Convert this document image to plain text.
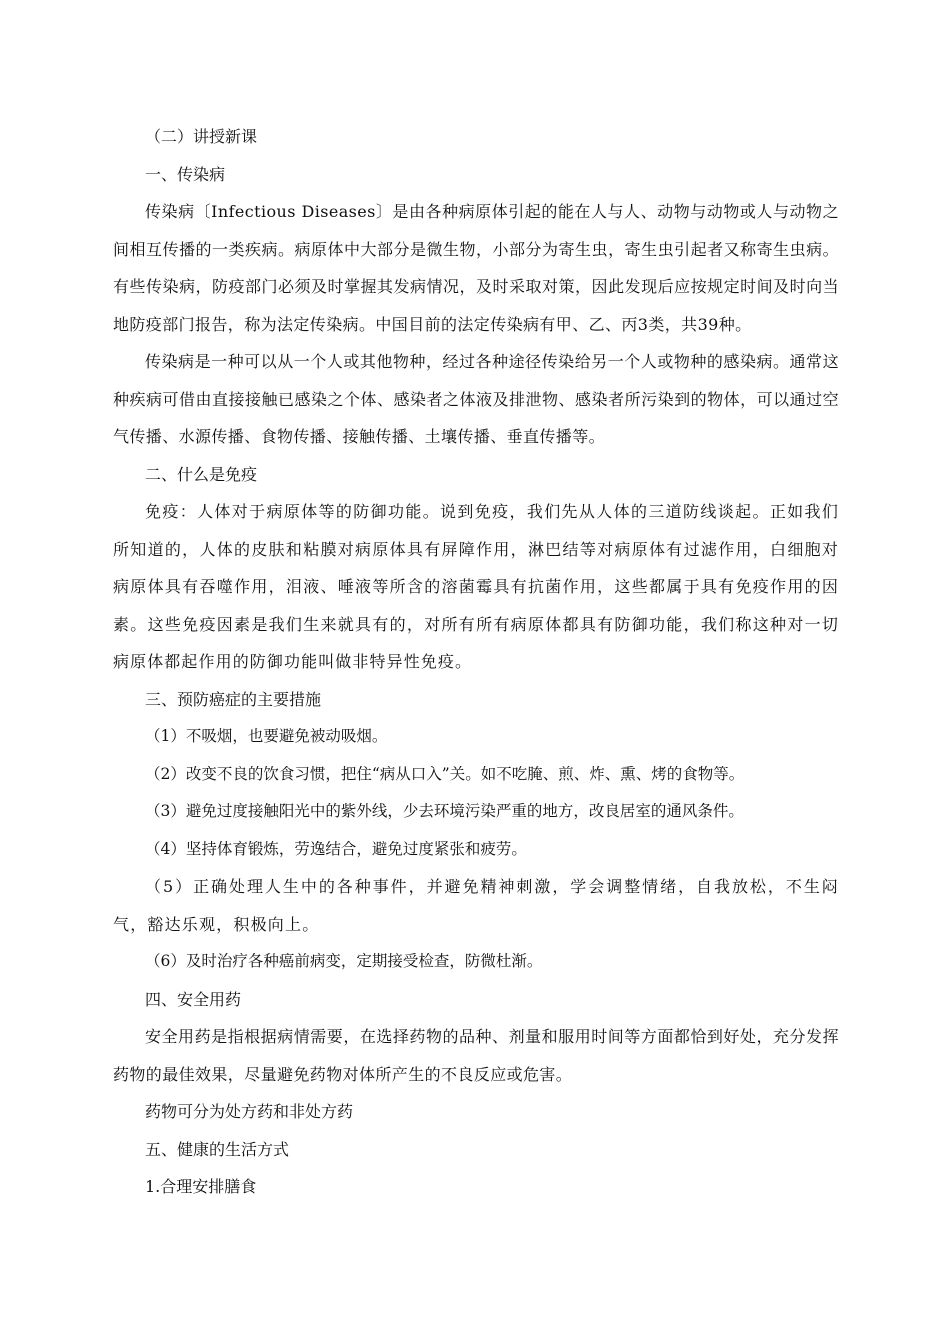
（二）讲授新课

一、传染病

传染病〔Infectious Diseases〕是由各种病原体引起的能在人与人、动物与动物或人与动物之间相互传播的一类疾病。病原体中大部分是微生物，小部分为寄生虫，寄生虫引起者又称寄生虫病。有些传染病，防疫部门必须及时掌握其发病情况，及时采取对策，因此发现后应按规定时间及时向当地防疫部门报告，称为法定传染病。中国目前的法定传染病有甲、乙、丙3类，共39种。

传染病是一种可以从一个人或其他物种，经过各种途径传染给另一个人或物种的感染病。通常这种疾病可借由直接接触已感染之个体、感染者之体液及排泄物、感染者所污染到的物体，可以通过空气传播、水源传播、食物传播、接触传播、土壤传播、垂直传播等。

二、什么是免疫

免疫：人体对于病原体等的防御功能。说到免疫，我们先从人体的三道防线谈起。正如我们所知道的，人体的皮肤和粘膜对病原体具有屏障作用，淋巴结等对病原体有过滤作用，白细胞对病原体具有吞噬作用，泪液、唾液等所含的溶菌霉具有抗菌作用，这些都属于具有免疫作用的因素。这些免疫因素是我们生来就具有的，对所有所有病原体都具有防御功能，我们称这种对一切病原体都起作用的防御功能叫做非特异性免疫。

三、预防癌症的主要措施

（1）不吸烟，也要避免被动吸烟。

（2）改变不良的饮食习惯，把住“病从口入”关。如不吃腌、煎、炸、熏、烤的食物等。

（3）避免过度接触阳光中的紫外线，少去环境污染严重的地方，改良居室的通风条件。

（4）坚持体育锻炼，劳逸结合，避免过度紧张和疲劳。

（5）正确处理人生中的各种事件，并避免精神刺激，学会调整情绪，自我放松，不生闷气，豁达乐观，积极向上。

（6）及时治疗各种癌前病变，定期接受检查，防微杜渐。

四、安全用药

安全用药是指根据病情需要，在选择药物的品种、剂量和服用时间等方面都恰到好处，充分发挥药物的最佳效果，尽量避免药物对体所产生的不良反应或危害。

药物可分为处方药和非处方药

五、健康的生活方式

1.合理安排膳食
